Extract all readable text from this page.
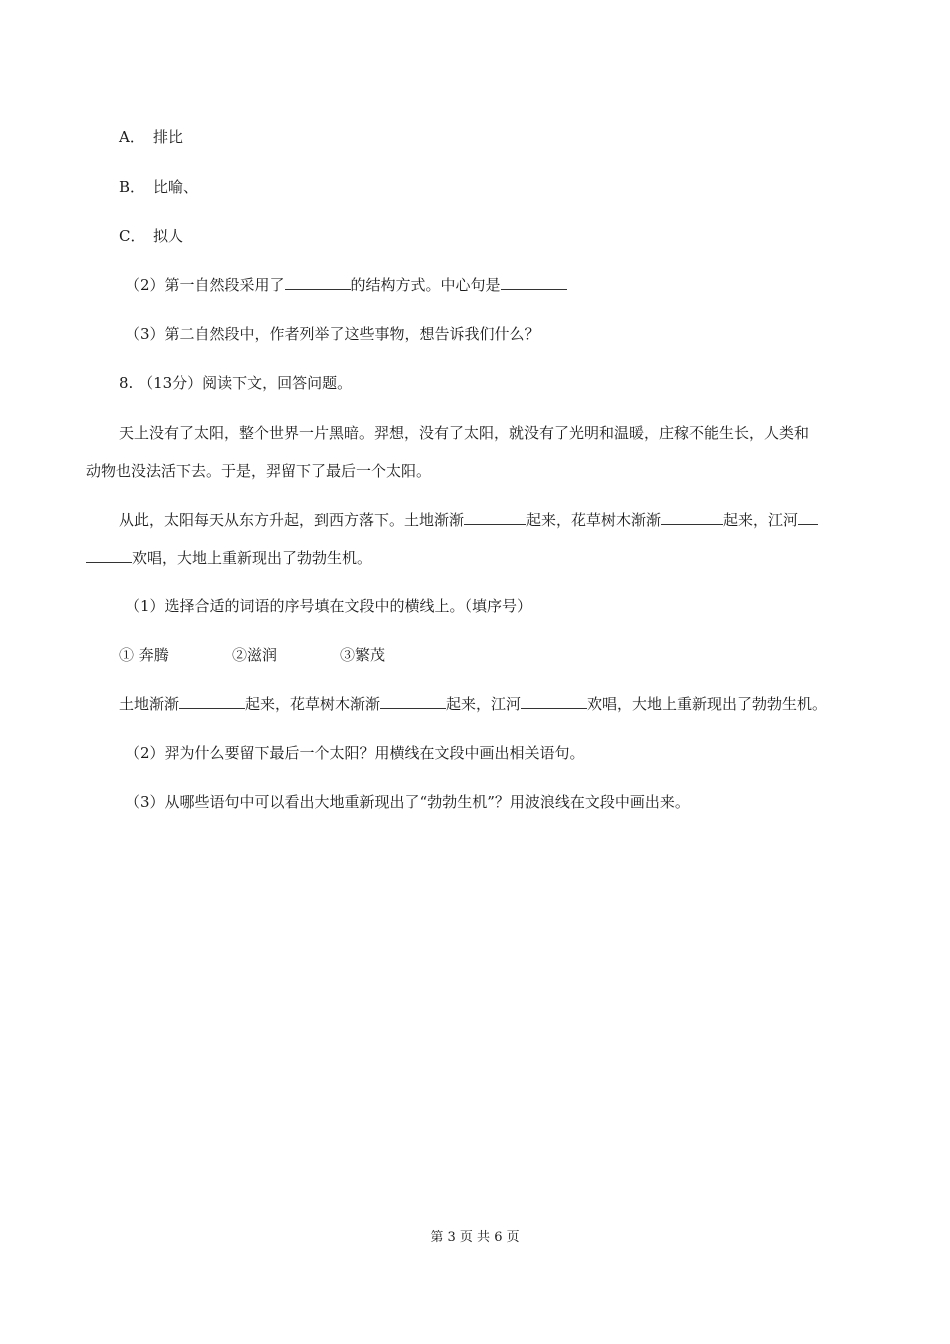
A． 排比
B． 比喻、
C． 拟人
（2）第一自然段采用了	的结构方式。中心句是
（3）第二自然段中，作者列举了这些事物，想告诉我们什么？
8. （13分）阅读下文，回答问题。
天上没有了太阳，整个世界一片黑暗。羿想，没有了太阳，就没有了光明和温暖，庄稼不能生长，人类和
动物也没法活下去。于是，羿留下了最后一个太阳。
从此，太阳每天从东方升起，到西方落下。土地渐渐	起来，花草树木渐渐	起来，江河
欢唱，大地上重新现出了勃勃生机。
（1）选择合适的词语的序号填在文段中的横线上。（填序号）
① 奔腾	②滋润	③繁茂
土地渐渐	起来，花草树木渐渐	起来，江河	欢唱，大地上重新现出了勃勃生机。
（2）羿为什么要留下最后一个太阳？用横线在文段中画出相关语句。
（3）从哪些语句中可以看出大地重新现出了“勃勃生机”？用波浪线在文段中画出来。
第 3 页 共 6 页
